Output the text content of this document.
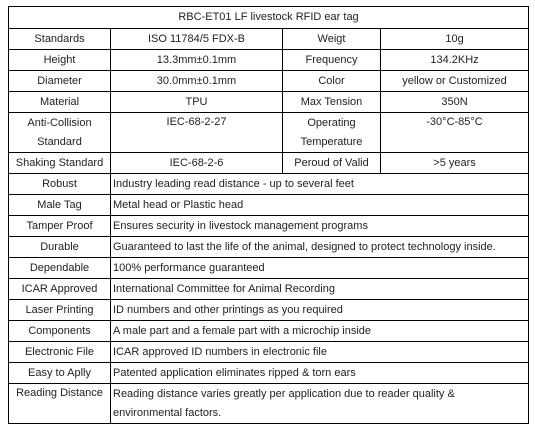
RBC-ET01 LF livestock RFID ear tag			
Standards	ISO 11784/5 FDX-B	Weigt	10g
Height	13.3mm±0.1mm	Frequency	134.2KHz
Diameter	30.0mm±0.1mm	Color	yellow or Customized
Material	TPU	Max Tension	350N
Anti-Collision Standard	IEC-68-2-27	Operating Temperature	-30°C-85°C
Shaking Standard	IEC-68-2-6	Peroud of Valid	>5 years
Robust	Industry leading read distance - up to several feet		
Male Tag	Metal head or Plastic head		
Tamper Proof	Ensures security in livestock management programs		
Durable	Guaranteed to last the life of the animal, designed to protect technology inside.		
Dependable	100% performance guaranteed		
ICAR Approved	International Committee for Animal Recording		
Laser Printing	ID numbers and other printings as you required		
Components	A male part and a female part with a microchip inside		
Electronic File	ICAR approved ID numbers in electronic file		
Easy to Aplly	Patented application eliminates ripped & torn ears		
Reading Distance	Reading distance varies greatly per application due to reader quality & environmental factors.		
